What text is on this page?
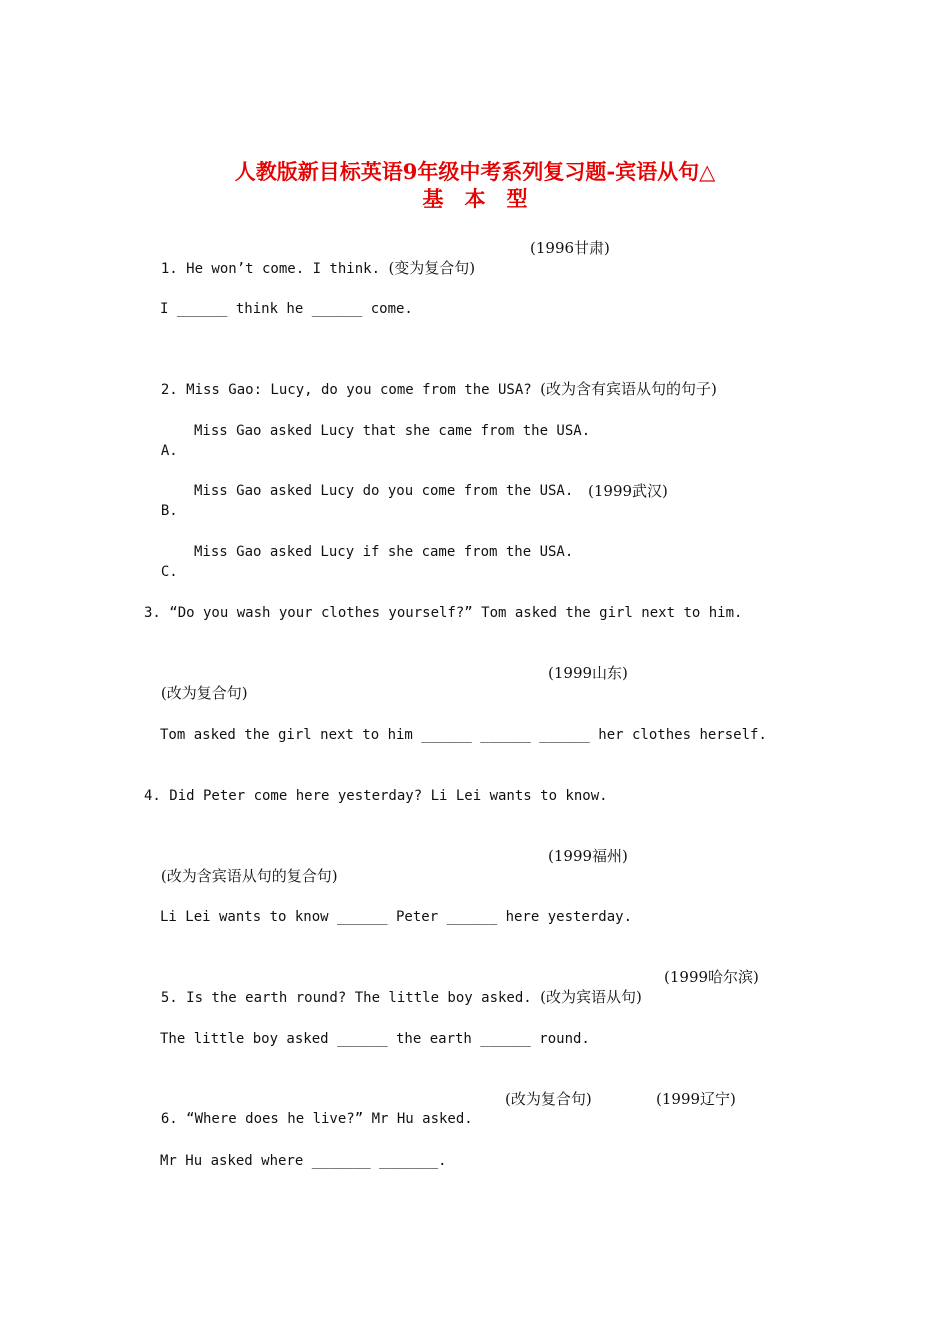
人教版新目标英语9年级中考系列复习题-宾语从句△
基　本　型

1. He won’t come. I think. (变为复合句)

(1996甘肃)

I ______ think he ______ come.

2. Miss Gao: Lucy, do you come from the USA? (改为含有宾语从句的句子)

A.

Miss Gao asked Lucy that she came from the USA.

B.

Miss Gao asked Lucy do you come from the USA.

(1999武汉)

C.

Miss Gao asked Lucy if she came from the USA.

3. “Do you wash your clothes yourself?” Tom asked the girl next to him.

(改为复合句)

(1999山东)

Tom asked the girl next to him ______ ______ ______ her clothes herself.
4. Did Peter come here yesterday? Li Lei wants to know.

(改为含宾语从句的复合句)

(1999福州)

Li Lei wants to know ______ Peter ______ here yesterday.

5. Is the earth round? The little boy asked. (改为宾语从句)

(1999哈尔滨)

The little boy asked ______ the earth ______ round.

6. “Where does he live?” Mr Hu asked.

(改为复合句)

	(1999辽宁)

Mr Hu asked where _______ _______.
